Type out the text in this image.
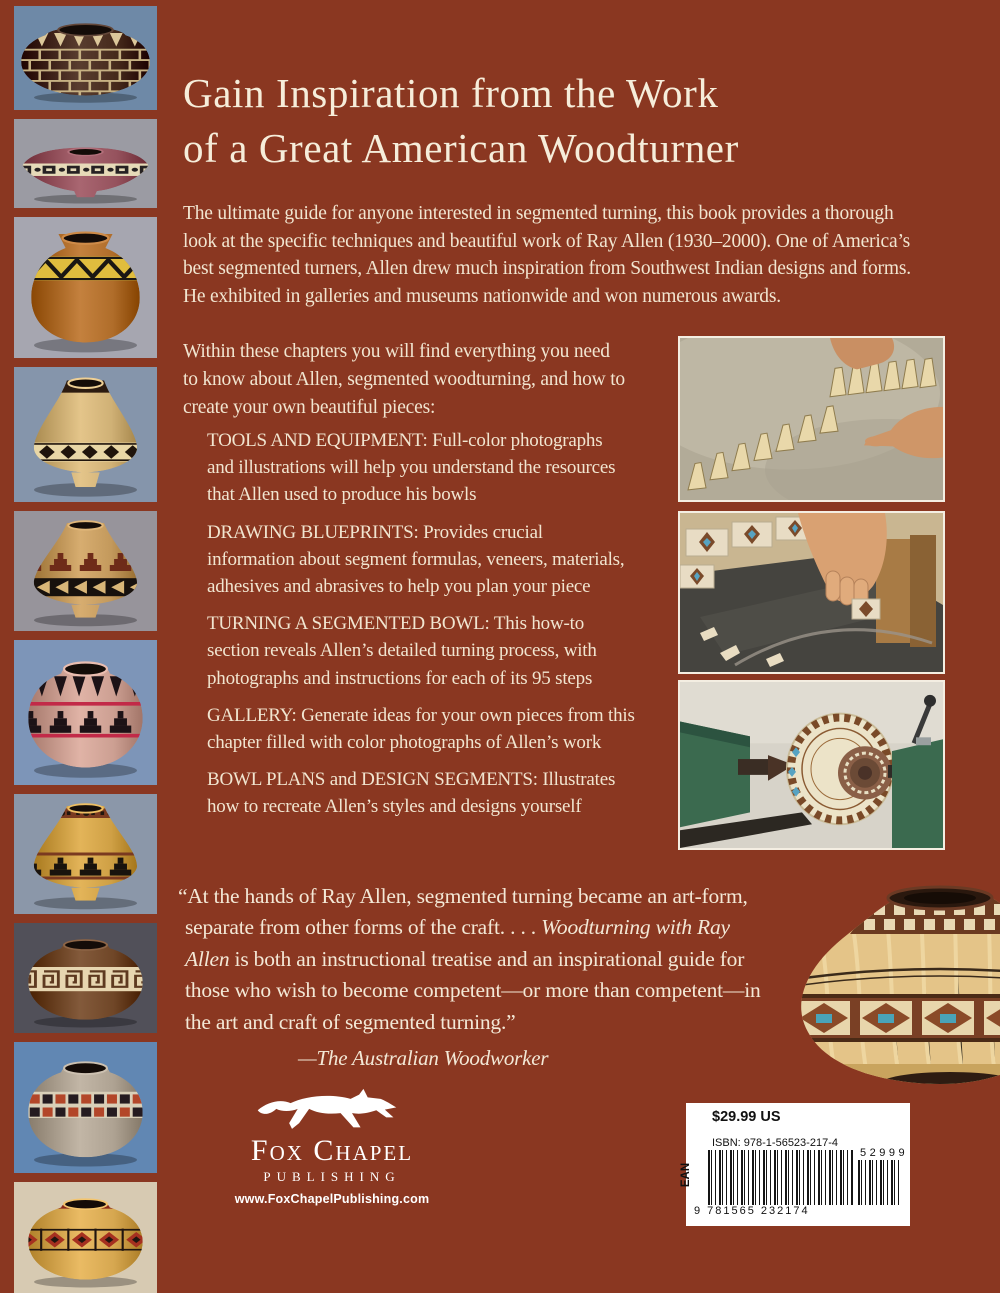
Gain Inspiration from the Work
of a Great American Woodturner
The ultimate guide for anyone interested in segmented turning, this book provides a thorough
look at the specific techniques and beautiful work of Ray Allen (1930–2000). One of America’s
best segmented turners, Allen drew much inspiration from Southwest Indian designs and forms.
He exhibited in galleries and museums nationwide and won numerous awards.
Within these chapters you will find everything you need
to know about Allen, segmented woodturning, and how to
create your own beautiful pieces:
TOOLS AND EQUIPMENT: Full-color photographs
and illustrations will help you understand the resources
that Allen used to produce his bowls
DRAWING BLUEPRINTS: Provides crucial
information about segment formulas, veneers, materials,
adhesives and abrasives to help you plan your piece
TURNING A SEGMENTED BOWL: This how-to
section reveals Allen’s detailed turning process, with
photographs and instructions for each of its 95 steps
GALLERY: Generate ideas for your own pieces from this
chapter filled with color photographs of Allen’s work
BOWL PLANS and DESIGN SEGMENTS: Illustrates
how to recreate Allen’s styles and designs yourself
“At the hands of Ray Allen, segmented turning became an art-form,
separate from other forms of the craft. . . . Woodturning with Ray
Allen is both an instructional treatise and an inspirational guide for
those who wish to become competent—or more than competent—in
the art and craft of segmented turning.”
—The Australian Woodworker
Fox Chapel
PUBLISHING
www.FoxChapelPublishing.com
$29.99 US
ISBN: 978-1-56523-217-4
EAN
9 781565 232174
52999
